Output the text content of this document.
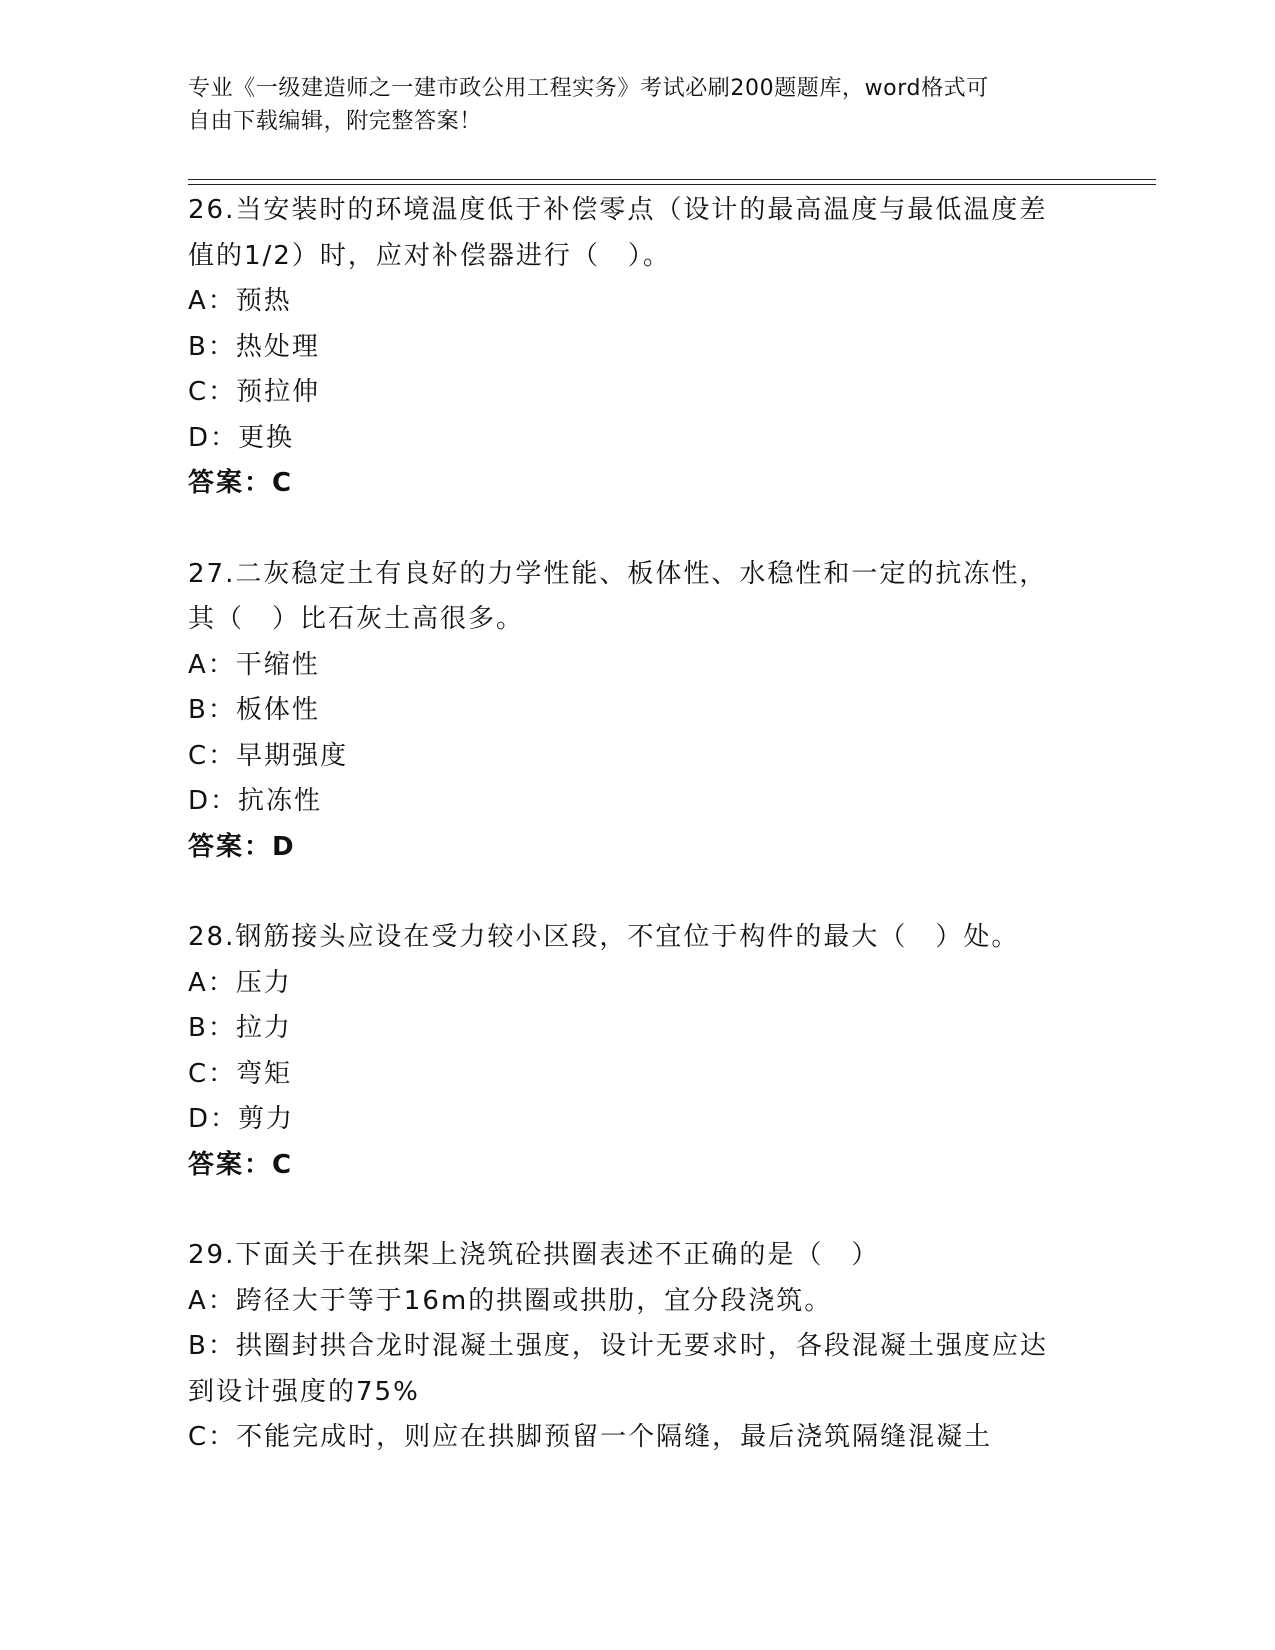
专业《一级建造师之一建市政公用工程实务》考试必刷200题题库，word格式可
自由下载编辑，附完整答案！

26.当安装时的环境温度低于补偿零点（设计的最高温度与最低温度差

值的1/2）时，应对补偿器进行（　）。

A：预热

B：热处理

C：预拉伸

D：更换

答案：C

27.二灰稳定土有良好的力学性能、板体性、水稳性和一定的抗冻性，

其（　）比石灰土高很多。

A：干缩性

B：板体性

C：早期强度

D：抗冻性

答案：D

28.钢筋接头应设在受力较小区段，不宜位于构件的最大（　）处。

A：压力

B：拉力

C：弯矩

D：剪力

答案：C

29.下面关于在拱架上浇筑砼拱圈表述不正确的是（　）

A：跨径大于等于16m的拱圈或拱肋，宜分段浇筑。

B：拱圈封拱合龙时混凝土强度，设计无要求时，各段混凝土强度应达

到设计强度的75%

C：不能完成时，则应在拱脚预留一个隔缝，最后浇筑隔缝混凝土
